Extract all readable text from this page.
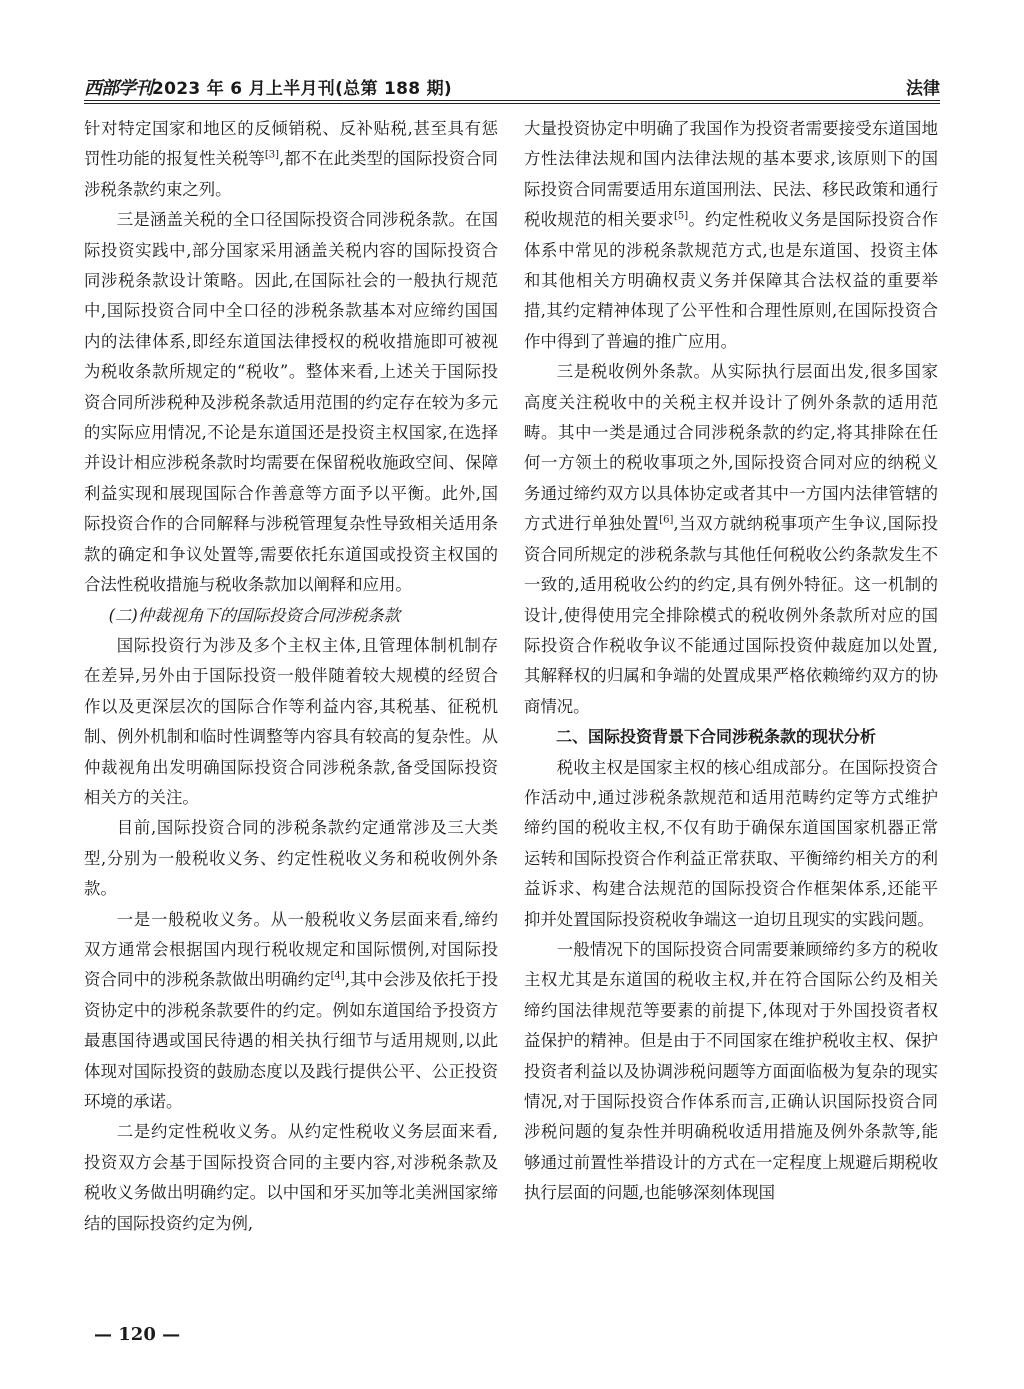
西部学刊2023 年 6 月上半月刊(总第 188 期)	法律

针对特定国家和地区的反倾销税、反补贴税,甚至具有惩罚性功能的报复性关税等[3],都不在此类型的国际投资合同涉税条款约束之列。

三是涵盖关税的全口径国际投资合同涉税条款。在国际投资实践中,部分国家采用涵盖关税内容的国际投资合同涉税条款设计策略。因此,在国际社会的一般执行规范中,国际投资合同中全口径的涉税条款基本对应缔约国国内的法律体系,即经东道国法律授权的税收措施即可被视为税收条款所规定的“税收”。整体来看,上述关于国际投资合同所涉税种及涉税条款适用范围的约定存在较为多元的实际应用情况,不论是东道国还是投资主权国家,在选择并设计相应涉税条款时均需要在保留税收施政空间、保障利益实现和展现国际合作善意等方面予以平衡。此外,国际投资合作的合同解释与涉税管理复杂性导致相关适用条款的确定和争议处置等,需要依托东道国或投资主权国的合法性税收措施与税收条款加以阐释和应用。

(二)仲裁视角下的国际投资合同涉税条款

国际投资行为涉及多个主权主体,且管理体制机制存在差异,另外由于国际投资一般伴随着较大规模的经贸合作以及更深层次的国际合作等利益内容,其税基、征税机制、例外机制和临时性调整等内容具有较高的复杂性。从仲裁视角出发明确国际投资合同涉税条款,备受国际投资相关方的关注。

目前,国际投资合同的涉税条款约定通常涉及三大类型,分别为一般税收义务、约定性税收义务和税收例外条款。

一是一般税收义务。从一般税收义务层面来看,缔约双方通常会根据国内现行税收规定和国际惯例,对国际投资合同中的涉税条款做出明确约定[4],其中会涉及依托于投资协定中的涉税条款要件的约定。例如东道国给予投资方最惠国待遇或国民待遇的相关执行细节与适用规则,以此体现对国际投资的鼓励态度以及践行提供公平、公正投资环境的承诺。

二是约定性税收义务。从约定性税收义务层面来看,投资双方会基于国际投资合同的主要内容,对涉税条款及税收义务做出明确约定。以中国和牙买加等北美洲国家缔结的国际投资约定为例,

大量投资协定中明确了我国作为投资者需要接受东道国地方性法律法规和国内法律法规的基本要求,该原则下的国际投资合同需要适用东道国刑法、民法、移民政策和通行税收规范的相关要求[5]。约定性税收义务是国际投资合作体系中常见的涉税条款规范方式,也是东道国、投资主体和其他相关方明确权责义务并保障其合法权益的重要举措,其约定精神体现了公平性和合理性原则,在国际投资合作中得到了普遍的推广应用。

三是税收例外条款。从实际执行层面出发,很多国家高度关注税收中的关税主权并设计了例外条款的适用范畴。其中一类是通过合同涉税条款的约定,将其排除在任何一方领土的税收事项之外,国际投资合同对应的纳税义务通过缔约双方以具体协定或者其中一方国内法律管辖的方式进行单独处置[6],当双方就纳税事项产生争议,国际投资合同所规定的涉税条款与其他任何税收公约条款发生不一致的,适用税收公约的约定,具有例外特征。这一机制的设计,使得使用完全排除模式的税收例外条款所对应的国际投资合作税收争议不能通过国际投资仲裁庭加以处置,其解释权的归属和争端的处置成果严格依赖缔约双方的协商情况。

二、国际投资背景下合同涉税条款的现状分析

税收主权是国家主权的核心组成部分。在国际投资合作活动中,通过涉税条款规范和适用范畴约定等方式维护缔约国的税收主权,不仅有助于确保东道国国家机器正常运转和国际投资合作利益正常获取、平衡缔约相关方的利益诉求、构建合法规范的国际投资合作框架体系,还能平抑并处置国际投资税收争端这一迫切且现实的实践问题。

一般情况下的国际投资合同需要兼顾缔约多方的税收主权尤其是东道国的税收主权,并在符合国际公约及相关缔约国法律规范等要素的前提下,体现对于外国投资者权益保护的精神。但是由于不同国家在维护税收主权、保护投资者利益以及协调涉税问题等方面面临极为复杂的现实情况,对于国际投资合作体系而言,正确认识国际投资合同涉税问题的复杂性并明确税收适用措施及例外条款等,能够通过前置性举措设计的方式在一定程度上规避后期税收执行层面的问题,也能够深刻体现国

— 120 —
